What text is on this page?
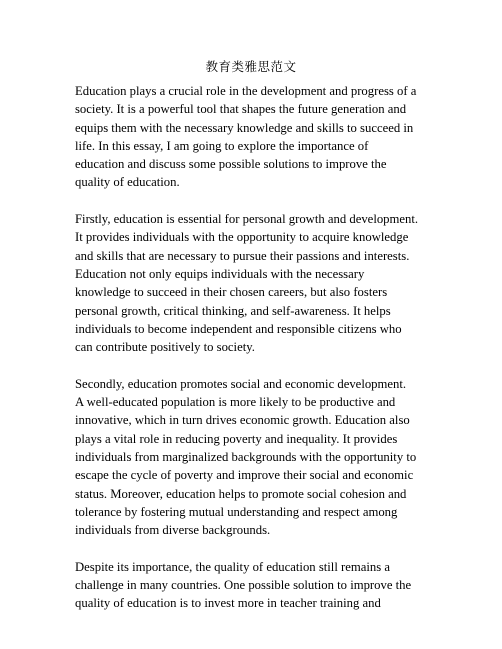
教育类雅思范文
Education plays a crucial role in the development and progress of a
society. It is a powerful tool that shapes the future generation and
equips them with the necessary knowledge and skills to succeed in
life. In this essay, I am going to explore the importance of
education and discuss some possible solutions to improve the
quality of education.
Firstly, education is essential for personal growth and development.
It provides individuals with the opportunity to acquire knowledge
and skills that are necessary to pursue their passions and interests.
Education not only equips individuals with the necessary
knowledge to succeed in their chosen careers, but also fosters
personal growth, critical thinking, and self-awareness. It helps
individuals to become independent and responsible citizens who
can contribute positively to society.
Secondly, education promotes social and economic development.
A well-educated population is more likely to be productive and
innovative, which in turn drives economic growth. Education also
plays a vital role in reducing poverty and inequality. It provides
individuals from marginalized backgrounds with the opportunity to
escape the cycle of poverty and improve their social and economic
status. Moreover, education helps to promote social cohesion and
tolerance by fostering mutual understanding and respect among
individuals from diverse backgrounds.
Despite its importance, the quality of education still remains a
challenge in many countries. One possible solution to improve the
quality of education is to invest more in teacher training and
